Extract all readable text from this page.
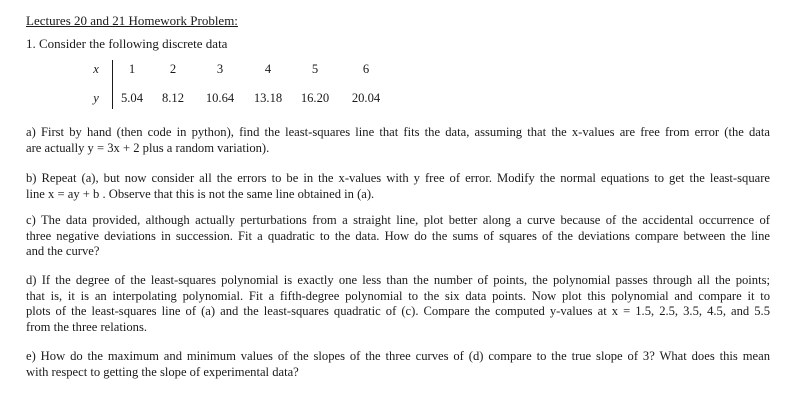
Lectures 20 and 21 Homework Problem:
1. Consider the following discrete data
x	1	2	3	4	5	6
y	5.04	8.12	10.64	13.18	16.20	20.04
a) First by hand (then code in python), find the least-squares line that fits the data, assuming that the x-values are free from error (the data
are actually y = 3x + 2 plus a random variation).
b) Repeat (a), but now consider all the errors to be in the x-values with y free of error. Modify the normal equations to get the least-square
line x = ay + b . Observe that this is not the same line obtained in (a).
c) The data provided, although actually perturbations from a straight line, plot better along a curve because of the accidental occurrence of
three negative deviations in succession. Fit a quadratic to the data. How do the sums of squares of the deviations compare between the line
and the curve?
d) If the degree of the least-squares polynomial is exactly one less than the number of points, the polynomial passes through all the points;
that is, it is an interpolating polynomial. Fit a fifth-degree polynomial to the six data points. Now plot this polynomial and compare it to
plots of the least-squares line of (a) and the least-squares quadratic of (c). Compare the computed y-values at x = 1.5, 2.5, 3.5, 4.5, and 5.5
from the three relations.
e) How do the maximum and minimum values of the slopes of the three curves of (d) compare to the true slope of 3? What does this mean
with respect to getting the slope of experimental data?
